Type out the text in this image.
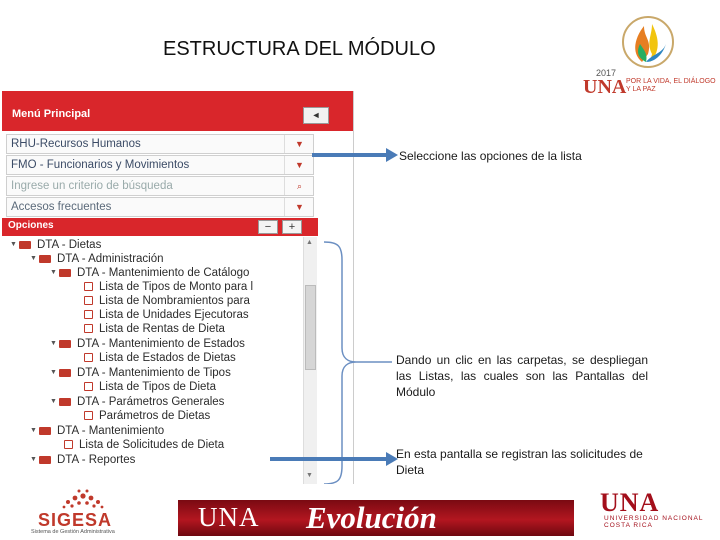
ESTRUCTURA DEL MÓDULO
2017
UNA POR LA VIDA, EL DIÁLOGO Y LA PAZ
Menú Principal	◄
RHU-Recursos Humanos	▼
FMO - Funcionarios y Movimientos	▼
Ingrese un criterio de búsqueda	⌕
Accesos frecuentes	▼
Opciones	−	+
▼ DTA - Dietas
▼ DTA - Administración
▼ DTA - Mantenimiento de Catálogo
Lista de Tipos de Monto para l
Lista de Nombramientos para
Lista de Unidades Ejecutoras
Lista de Rentas de Dieta
▼ DTA - Mantenimiento de Estados
Lista de Estados de Dietas
▼ DTA - Mantenimiento de Tipos
Lista de Tipos de Dieta
▼ DTA - Parámetros Generales
Parámetros de Dietas
▼ DTA - Mantenimiento
Lista de Solicitudes de Dieta
▼ DTA - Reportes
▲
▼
Seleccione las opciones de la lista
Dando un clic en las carpetas, se despliegan las Listas, las cuales son las Pantallas del Módulo
En esta pantalla se registran las solicitudes de Dieta
UNA Evolución
SIGESA
Sistema de Gestión Administrativa
UNA
UNIVERSIDAD NACIONAL COSTA RICA
